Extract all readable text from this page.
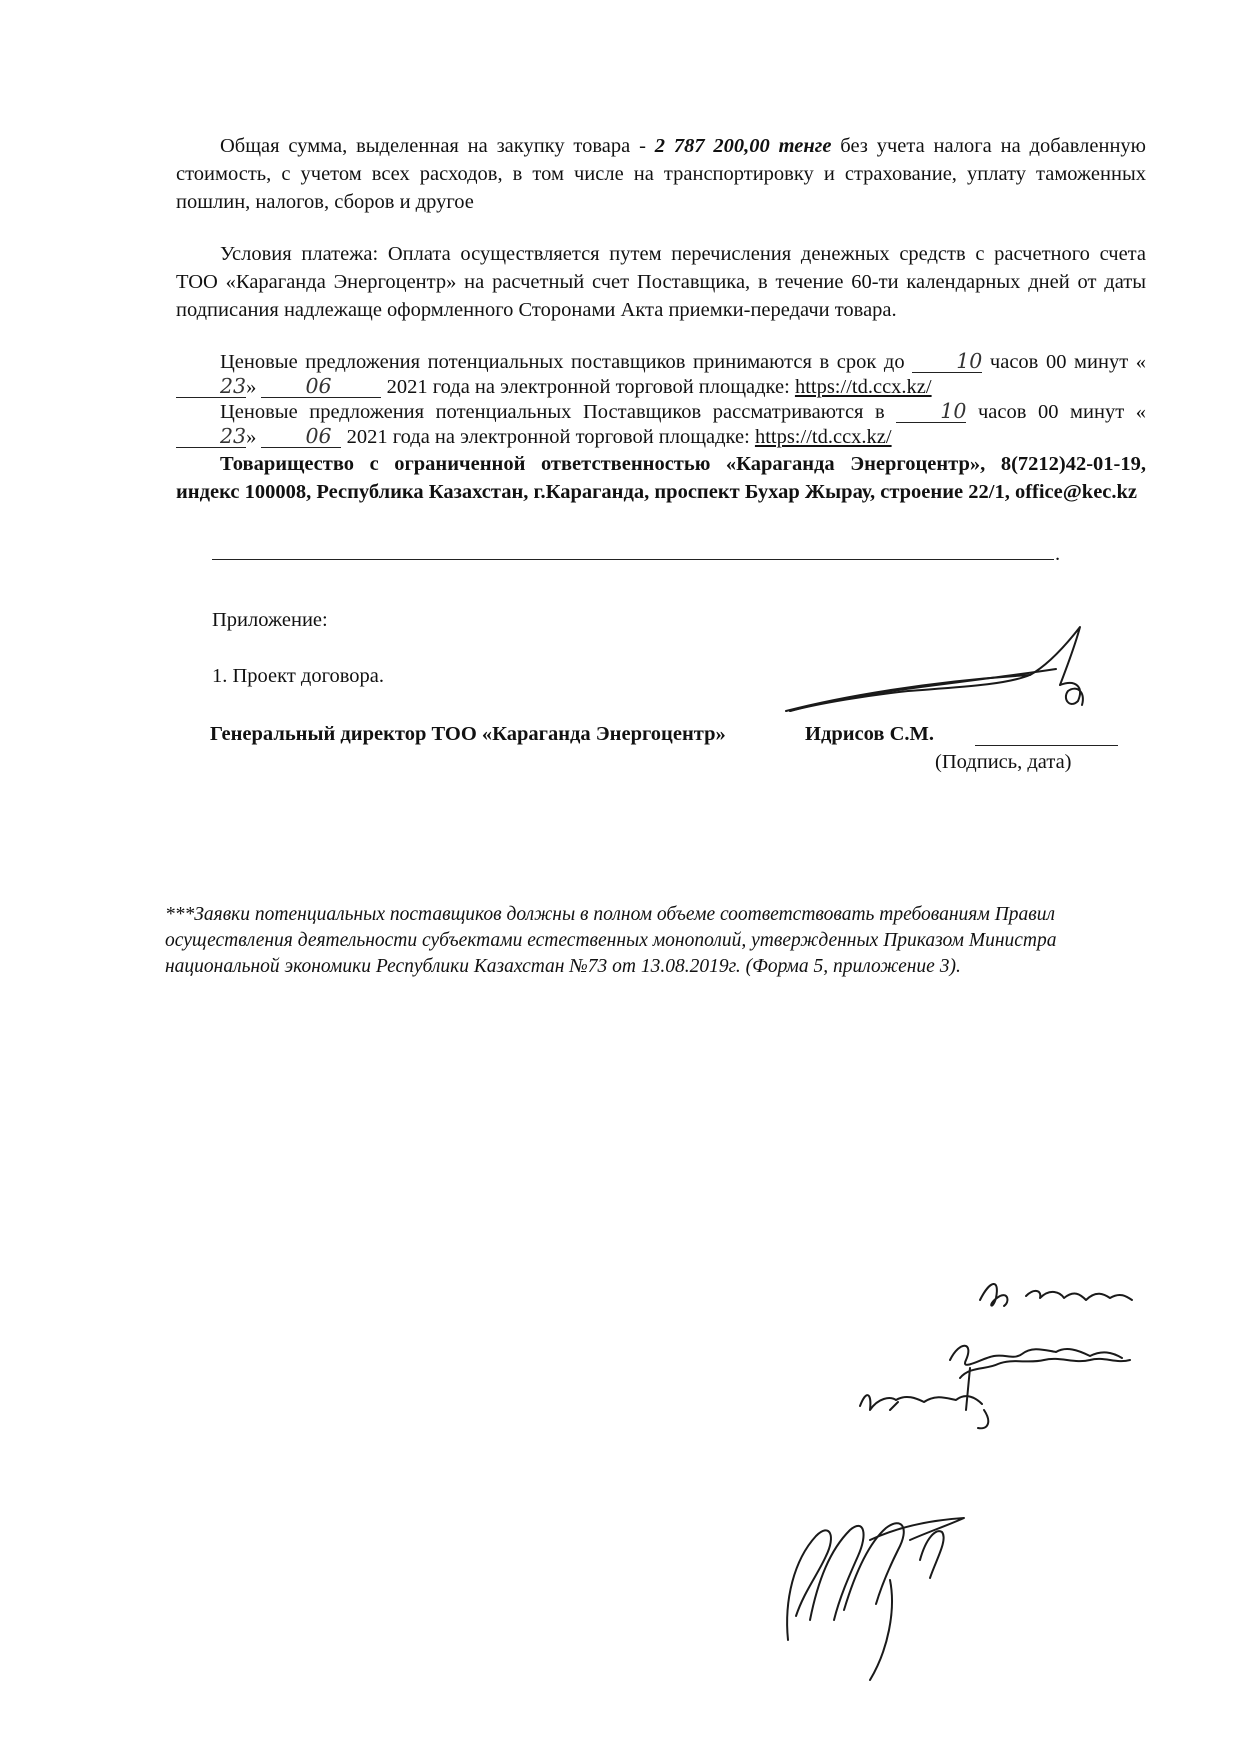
Общая сумма, выделенная на закупку товара - 2 787 200,00 тенге без учета налога на добавленную стоимость, с учетом всех расходов, в том числе на транспортировку и страхование, уплату таможенных пошлин, налогов, сборов и другое
Условия платежа: Оплата осуществляется путем перечисления денежных средств с расчетного счета ТОО «Караганда Энергоцентр» на расчетный счет Поставщика, в течение 60-ти календарных дней от даты подписания надлежаще оформленного Сторонами Акта приемки-передачи товара.
Ценовые предложения потенциальных поставщиков принимаются в срок до 10 часов 00 минут «23» 06 2021 года на электронной торговой площадке: https://td.ccx.kz/
Ценовые предложения потенциальных Поставщиков рассматриваются в 10 часов 00 минут «23» 06 2021 года на электронной торговой площадке: https://td.ccx.kz/
Товарищество с ограниченной ответственностью «Караганда Энергоцентр», 8(7212)42-01-19, индекс 100008, Республика Казахстан, г.Караганда, проспект Бухар Жырау, строение 22/1, office@kec.kz
.
Приложение:
1. Проект договора.
Генеральный директор ТОО «Караганда Энергоцентр»	Идрисов С.М.
(Подпись, дата)
***Заявки потенциальных поставщиков должны в полном объеме соответствовать требованиям Правил осуществления деятельности субъектами естественных монополий, утвержденных Приказом Министра национальной экономики Республики Казахстан №73 от 13.08.2019г. (Форма 5, приложение 3).
